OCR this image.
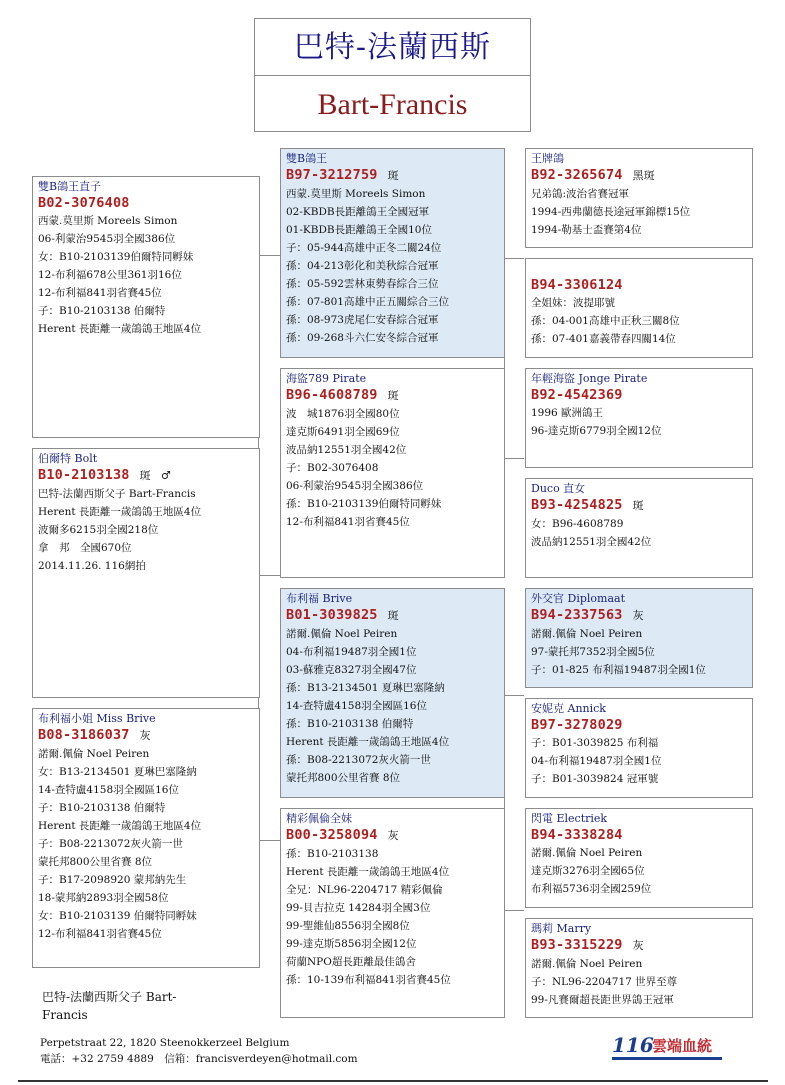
巴特-法蘭西斯
Bart-Francis
雙B鴿王直子
B02-3076408
西蒙.莫里斯 Moreels Simon
06-利蒙治9545羽全國386位
女：B10-2103139伯爾特同孵妹
12-布利福678公里361羽16位
12-布利福841羽省賽45位
子：B10-2103138 伯爾特
Herent 長距離一歲鴿鴿王地區4位
伯爾特 Bolt
B10-2103138 斑 ♂
巴特-法蘭西斯父子 Bart-Francis
Herent 長距離一歲鴿鴿王地區4位
波爾多6215羽全國218位
拿　邦　全國670位
2014.11.26. 116網拍
布利福小姐 Miss Brive
B08-3186037 灰
諾爾.佩倫 Noel Peiren
女：B13-2134501 夏琳巴塞隆納
14-查特盧4158羽全國區16位
子：B10-2103138 伯爾特
Herent 長距離一歲鴿鴿王地區4位
子：B08-2213072灰火箭一世
蒙托邦800公里省賽 8位
子：B17-2098920 蒙邦納先生
18-蒙邦納2893羽全國58位
女：B10-2103139 伯爾特同孵妹
12-布利福841羽省賽45位
雙B鴿王
B97-3212759 斑
西蒙.莫里斯 Moreels Simon
02-KBDB長距離鴿王全國冠軍
01-KBDB長距離鴿王全國10位
子：05-944高雄中正冬二關24位
孫：04-213彰化和美秋綜合冠軍
孫：05-592雲林東勢春綜合三位
孫：07-801高雄中正五關綜合三位
孫：08-973虎尾仁安春綜合冠軍
孫：09-268斗六仁安冬綜合冠軍
海盜789 Pirate
B96-4608789 斑
波　城1876羽全國80位
達克斯6491羽全國69位
波品納12551羽全國42位
子：B02-3076408
06-利蒙治9545羽全國386位
孫：B10-2103139伯爾特同孵妹
12-布利福841羽省賽45位
布利福 Brive
B01-3039825 斑
諾爾.佩倫 Noel Peiren
04-布利福19487羽全國1位
03-蘇雅克8327羽全國47位
孫：B13-2134501 夏琳巴塞隆納
14-查特盧4158羽全國區16位
孫：B10-2103138 伯爾特
Herent 長距離一歲鴿鴿王地區4位
孫：B08-2213072灰火箭一世
蒙托邦800公里省賽 8位
精彩佩倫全妹
B00-3258094 灰
孫：B10-2103138
Herent 長距離一歲鴿鴿王地區4位
全兄：NL96-2204717 精彩佩倫
99-貝吉拉克 14284羽全國3位
99-聖維仙8556羽全國8位
99-達克斯5856羽全國12位
荷蘭NPO超長距離最佳鴿舍
孫：10-139布利福841羽省賽45位
王牌鴿
B92-3265674 黑斑
兄弟鴿:波治省賽冠軍
1994-西弗蘭德長途冠軍錦標15位
1994-勒基士盃賽第4位
B94-3306124
全姐妹：波提耶號
孫：04-001高雄中正秋三關8位
孫：07-401嘉義帶春四關14位
年輕海盜 Jonge Pirate
B92-4542369
1996 歐洲鴿王
96-達克斯6779羽全國12位
Duco 直女
B93-4254825 斑
女：B96-4608789
波品納12551羽全國42位
外交官 Diplomaat
B94-2337563 灰
諾爾.佩倫 Noel Peiren
97-蒙托邦7352羽全國5位
子：01-825 布利福19487羽全國1位
安妮克 Annick
B97-3278029
子：B01-3039825 布利福
04-布利福19487羽全國1位
子：B01-3039824 冠軍號
閃電 Electriek
B94-3338284
諾爾.佩倫 Noel Peiren
達克斯3276羽全國65位
布利福5736羽全國259位
瑪莉 Marry
B93-3315229 灰
諾爾.佩倫 Noel Peiren
子：NL96-2204717 世界至尊
99-凡賽爾超長距世界鴿王冠軍
巴特-法蘭西斯父子 Bart-
Francis
Perpetstraat 22, 1820 Steenokkerzeel Belgium
電話：+32 2759 4889　信箱：francisverdeyen@hotmail.com
116
雲端血統
